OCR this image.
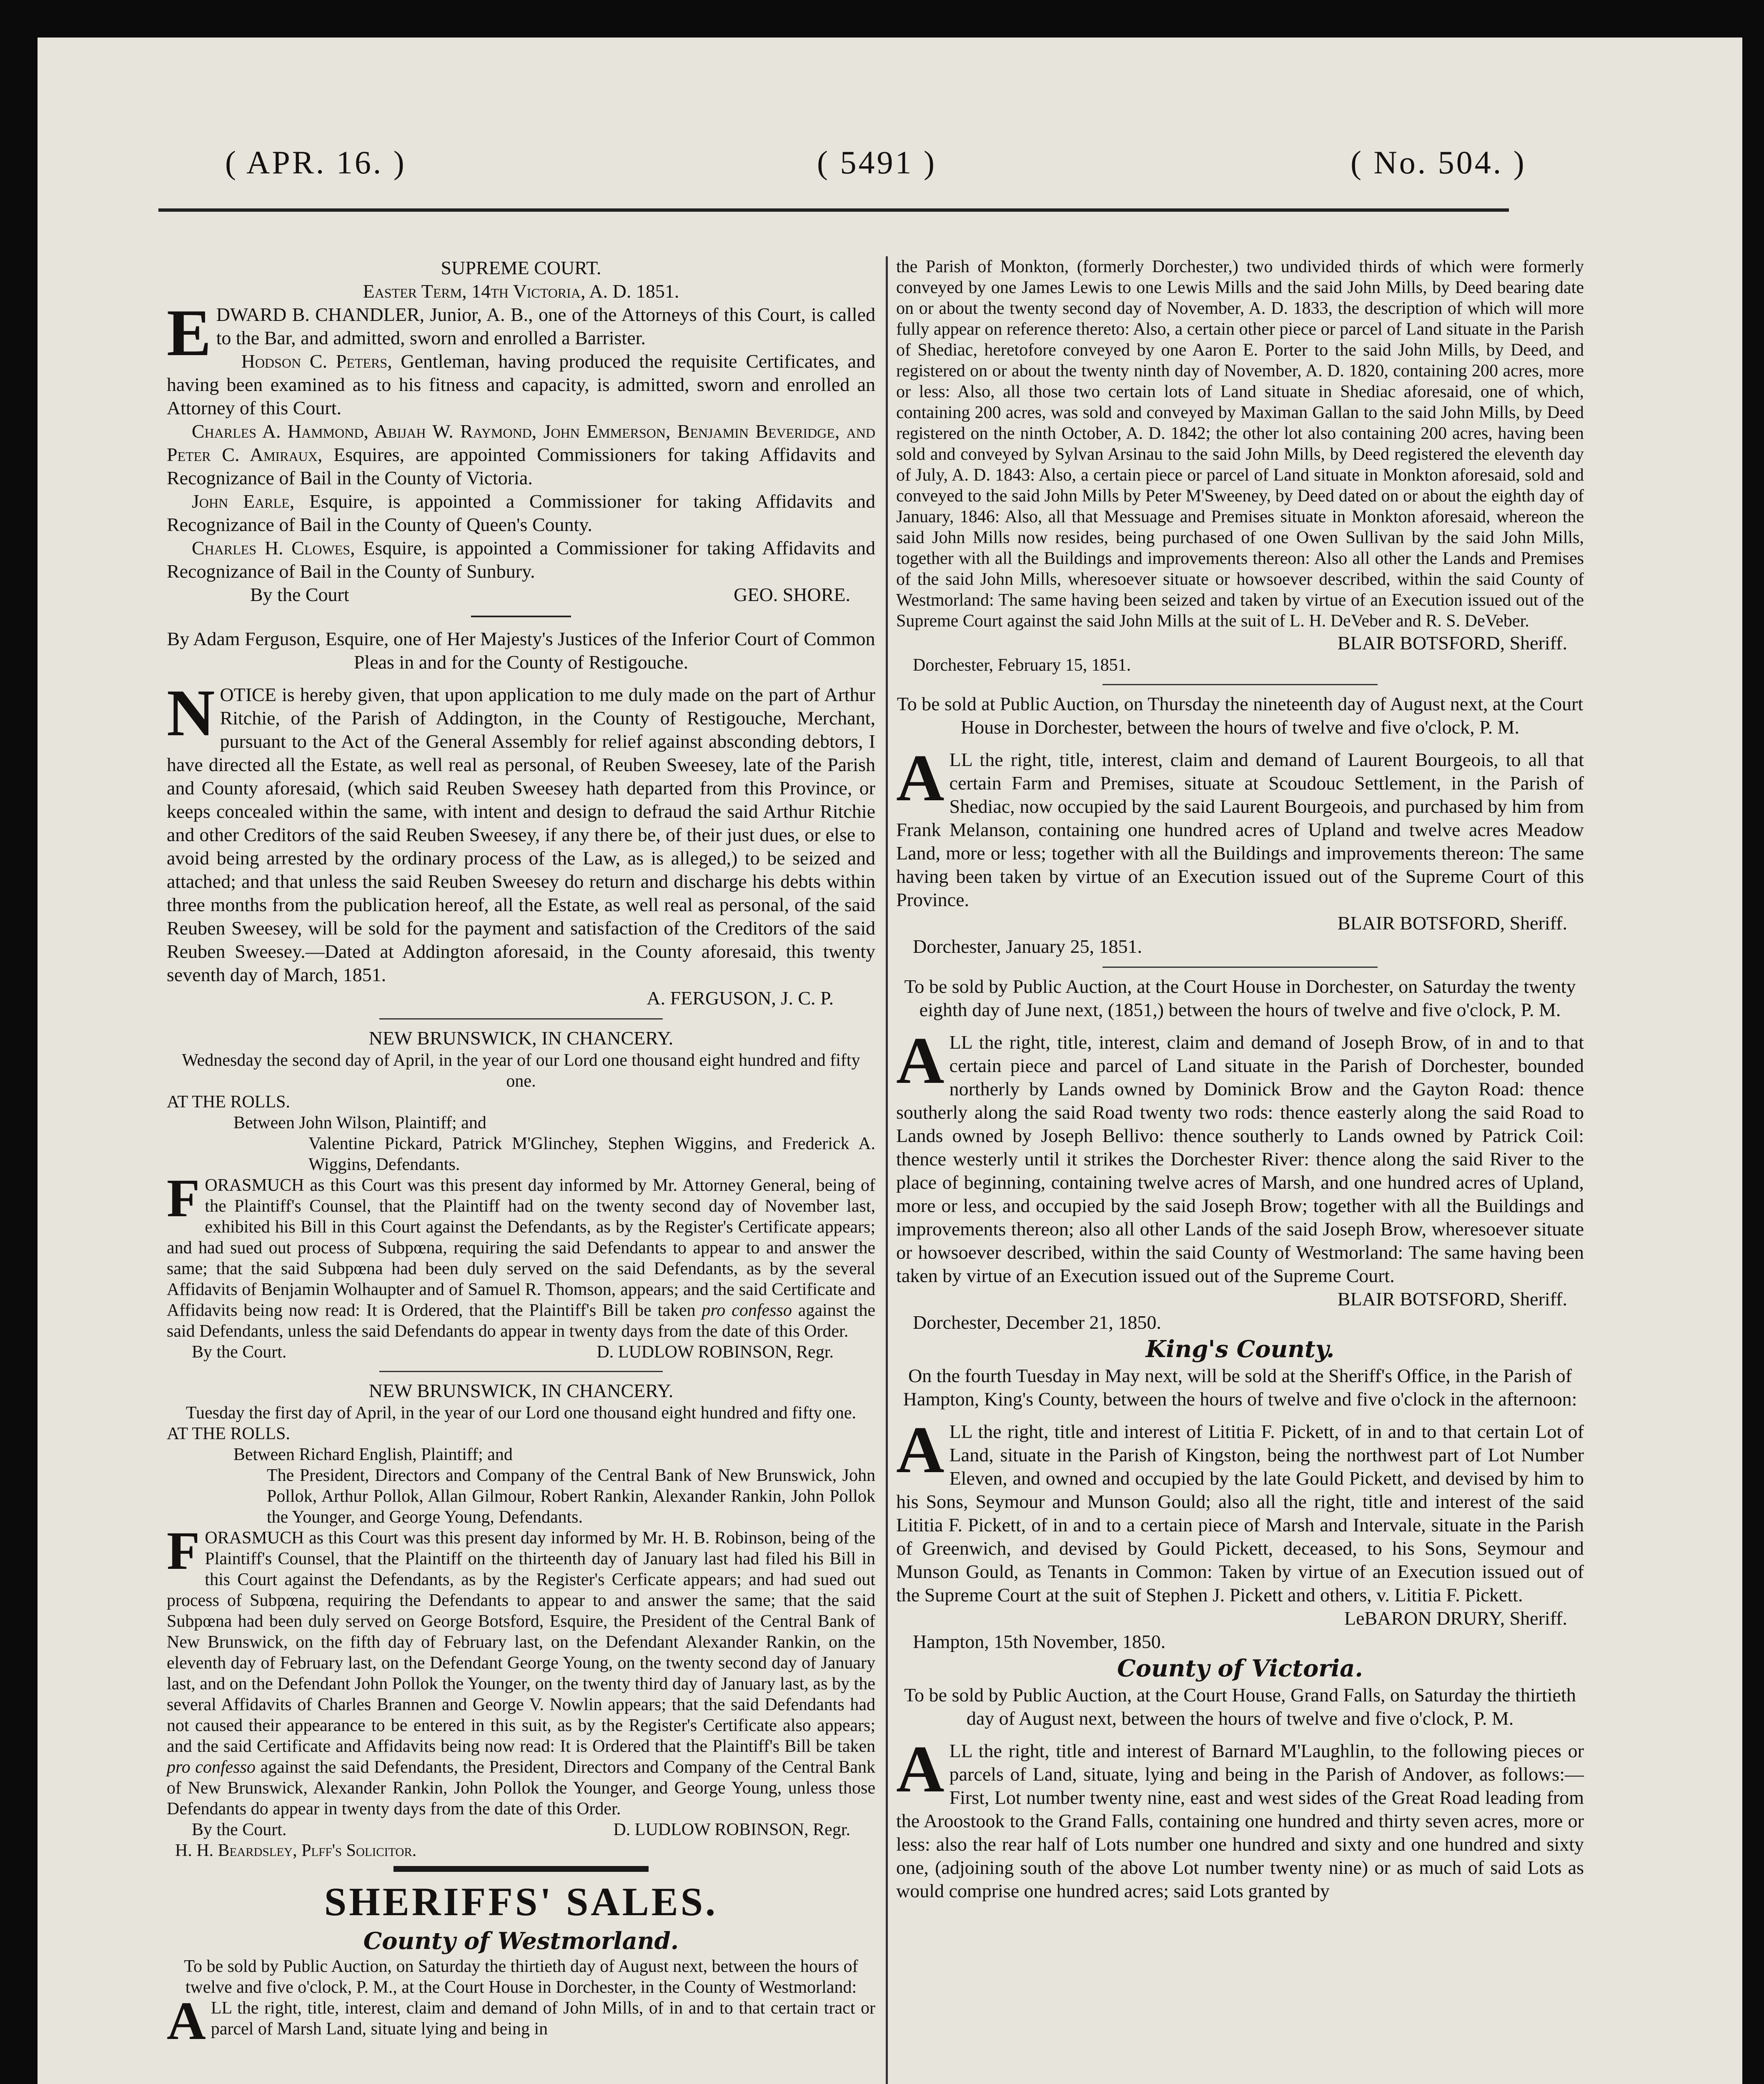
( APR. 16. )	( 5491 )	( No. 504. )

SUPREME COURT.

Easter Term, 14th Victoria, A. D. 1851.

EDWARD B. CHANDLER, Junior, A. B., one of the Attorneys of this Court, is called to the Bar, and admitted, sworn and enrolled a Barrister.

Hodson C. Peters, Gentleman, having produced the requisite Certificates, and having been examined as to his fitness and capacity, is admitted, sworn and enrolled an Attorney of this Court.

Charles A. Hammond, Abijah W. Raymond, John Emmerson, Benjamin Beveridge, and Peter C. Amiraux, Esquires, are appointed Commissioners for taking Affidavits and Recognizance of Bail in the County of Victoria.

John Earle, Esquire, is appointed a Commissioner for taking Affidavits and Recognizance of Bail in the County of Queen's County.

Charles H. Clowes, Esquire, is appointed a Commissioner for taking Affidavits and Recognizance of Bail in the County of Sunbury.

By the Court	GEO. SHORE.

By Adam Ferguson, Esquire, one of Her Majesty's Justices of the Inferior Court of Common Pleas in and for the County of Restigouche.

NOTICE is hereby given, that upon application to me duly made on the part of Arthur Ritchie, of the Parish of Addington, in the County of Restigouche, Merchant, pursuant to the Act of the General Assembly for relief against absconding debtors, I have directed all the Estate, as well real as personal, of Reuben Sweesey, late of the Parish and County aforesaid, (which said Reuben Sweesey hath departed from this Province, or keeps concealed within the same, with intent and design to defraud the said Arthur Ritchie and other Creditors of the said Reuben Sweesey, if any there be, of their just dues, or else to avoid being arrested by the ordinary process of the Law, as is alleged,) to be seized and attached; and that unless the said Reuben Sweesey do return and discharge his debts within three months from the publication hereof, all the Estate, as well real as personal, of the said Reuben Sweesey, will be sold for the payment and satisfaction of the Creditors of the said Reuben Sweesey.—Dated at Addington aforesaid, in the County aforesaid, this twenty seventh day of March, 1851.

A. FERGUSON, J. C. P.

NEW BRUNSWICK, IN CHANCERY.

Wednesday the second day of April, in the year of our Lord one thousand eight hundred and fifty one.

AT THE ROLLS.

Between John Wilson, Plaintiff; and

Valentine Pickard, Patrick M'Glinchey, Stephen Wiggins, and Frederick A. Wiggins, Defendants.

FORASMUCH as this Court was this present day informed by Mr. Attorney General, being of the Plaintiff's Counsel, that the Plaintiff had on the twenty second day of November last, exhibited his Bill in this Court against the Defendants, as by the Register's Certificate appears; and had sued out process of Subpœna, requiring the said Defendants to appear to and answer the same; that the said Subpœna had been duly served on the said Defendants, as by the several Affidavits of Benjamin Wolhaupter and of Samuel R. Thomson, appears; and the said Certificate and Affidavits being now read: It is Ordered, that the Plaintiff's Bill be taken pro confesso against the said Defendants, unless the said Defendants do appear in twenty days from the date of this Order.

By the Court.	D. LUDLOW ROBINSON, Regr.

NEW BRUNSWICK, IN CHANCERY.

Tuesday the first day of April, in the year of our Lord one thousand eight hundred and fifty one.

AT THE ROLLS.

Between Richard English, Plaintiff; and

The President, Directors and Company of the Central Bank of New Brunswick, John Pollok, Arthur Pollok, Allan Gilmour, Robert Rankin, Alexander Rankin, John Pollok the Younger, and George Young, Defendants.

FORASMUCH as this Court was this present day informed by Mr. H. B. Robinson, being of the Plaintiff's Counsel, that the Plaintiff on the thirteenth day of January last had filed his Bill in this Court against the Defendants, as by the Register's Cerficate appears; and had sued out process of Subpœna, requiring the Defendants to appear to and answer the same; that the said Subpœna had been duly served on George Botsford, Esquire, the President of the Central Bank of New Brunswick, on the fifth day of February last, on the Defendant Alexander Rankin, on the eleventh day of February last, on the Defendant George Young, on the twenty second day of January last, and on the Defendant John Pollok the Younger, on the twenty third day of January last, as by the several Affidavits of Charles Brannen and George V. Nowlin appears; that the said Defendants had not caused their appearance to be entered in this suit, as by the Register's Certificate also appears; and the said Certificate and Affidavits being now read: It is Ordered that the Plaintiff's Bill be taken pro confesso against the said Defendants, the President, Directors and Company of the Central Bank of New Brunswick, Alexander Rankin, John Pollok the Younger, and George Young, unless those Defendants do appear in twenty days from the date of this Order.

By the Court.	D. LUDLOW ROBINSON, Regr.

H. H. Beardsley, Plff's Solicitor.

SHERIFFS' SALES.

County of Westmorland.

To be sold by Public Auction, on Saturday the thirtieth day of August next, between the hours of twelve and five o'clock, P. M., at the Court House in Dorchester, in the County of Westmorland:

ALL the right, title, interest, claim and demand of John Mills, of in and to that certain tract or parcel of Marsh Land, situate lying and being in

the Parish of Monkton, (formerly Dorchester,) two undivided thirds of which were formerly conveyed by one James Lewis to one Lewis Mills and the said John Mills, by Deed bearing date on or about the twenty second day of November, A. D. 1833, the description of which will more fully appear on reference thereto: Also, a certain other piece or parcel of Land situate in the Parish of Shediac, heretofore conveyed by one Aaron E. Porter to the said John Mills, by Deed, and registered on or about the twenty ninth day of November, A. D. 1820, containing 200 acres, more or less: Also, all those two certain lots of Land situate in Shediac aforesaid, one of which, containing 200 acres, was sold and conveyed by Maximan Gallan to the said John Mills, by Deed registered on the ninth October, A. D. 1842; the other lot also containing 200 acres, having been sold and conveyed by Sylvan Arsinau to the said John Mills, by Deed registered the eleventh day of July, A. D. 1843: Also, a certain piece or parcel of Land situate in Monkton aforesaid, sold and conveyed to the said John Mills by Peter M'Sweeney, by Deed dated on or about the eighth day of January, 1846: Also, all that Messuage and Premises situate in Monkton aforesaid, whereon the said John Mills now resides, being purchased of one Owen Sullivan by the said John Mills, together with all the Buildings and improvements thereon: Also all other the Lands and Premises of the said John Mills, wheresoever situate or howsoever described, within the said County of Westmorland: The same having been seized and taken by virtue of an Execution issued out of the Supreme Court against the said John Mills at the suit of L. H. DeVeber and R. S. DeVeber.

BLAIR BOTSFORD, Sheriff.

Dorchester, February 15, 1851.

To be sold at Public Auction, on Thursday the nineteenth day of August next, at the Court House in Dorchester, between the hours of twelve and five o'clock, P. M.

ALL the right, title, interest, claim and demand of Laurent Bourgeois, to all that certain Farm and Premises, situate at Scoudouc Settlement, in the Parish of Shediac, now occupied by the said Laurent Bourgeois, and purchased by him from Frank Melanson, containing one hundred acres of Upland and twelve acres Meadow Land, more or less; together with all the Buildings and improvements thereon: The same having been taken by virtue of an Execution issued out of the Supreme Court of this Province.

BLAIR BOTSFORD, Sheriff.

Dorchester, January 25, 1851.

To be sold by Public Auction, at the Court House in Dorchester, on Saturday the twenty eighth day of June next, (1851,) between the hours of twelve and five o'clock, P. M.

ALL the right, title, interest, claim and demand of Joseph Brow, of in and to that certain piece and parcel of Land situate in the Parish of Dorchester, bounded northerly by Lands owned by Dominick Brow and the Gayton Road: thence southerly along the said Road twenty two rods: thence easterly along the said Road to Lands owned by Joseph Bellivo: thence southerly to Lands owned by Patrick Coil: thence westerly until it strikes the Dorchester River: thence along the said River to the place of beginning, containing twelve acres of Marsh, and one hundred acres of Upland, more or less, and occupied by the said Joseph Brow; together with all the Buildings and improvements thereon; also all other Lands of the said Joseph Brow, wheresoever situate or howsoever described, within the said County of Westmorland: The same having been taken by virtue of an Execution issued out of the Supreme Court.

BLAIR BOTSFORD, Sheriff.

Dorchester, December 21, 1850.

King's County.

On the fourth Tuesday in May next, will be sold at the Sheriff's Office, in the Parish of Hampton, King's County, between the hours of twelve and five o'clock in the afternoon:

ALL the right, title and interest of Lititia F. Pickett, of in and to that certain Lot of Land, situate in the Parish of Kingston, being the northwest part of Lot Number Eleven, and owned and occupied by the late Gould Pickett, and devised by him to his Sons, Seymour and Munson Gould; also all the right, title and interest of the said Lititia F. Pickett, of in and to a certain piece of Marsh and Intervale, situate in the Parish of Greenwich, and devised by Gould Pickett, deceased, to his Sons, Seymour and Munson Gould, as Tenants in Common: Taken by virtue of an Execution issued out of the Supreme Court at the suit of Stephen J. Pickett and others, v. Lititia F. Pickett.

LeBARON DRURY, Sheriff.

Hampton, 15th November, 1850.

County of Victoria.

To be sold by Public Auction, at the Court House, Grand Falls, on Saturday the thirtieth day of August next, between the hours of twelve and five o'clock, P. M.

ALL the right, title and interest of Barnard M'Laughlin, to the following pieces or parcels of Land, situate, lying and being in the Parish of Andover, as follows:—First, Lot number twenty nine, east and west sides of the Great Road leading from the Aroostook to the Grand Falls, containing one hundred and thirty seven acres, more or less: also the rear half of Lots number one hundred and sixty and one hundred and sixty one, (adjoining south of the above Lot number twenty nine) or as much of said Lots as would comprise one hundred acres; said Lots granted by
